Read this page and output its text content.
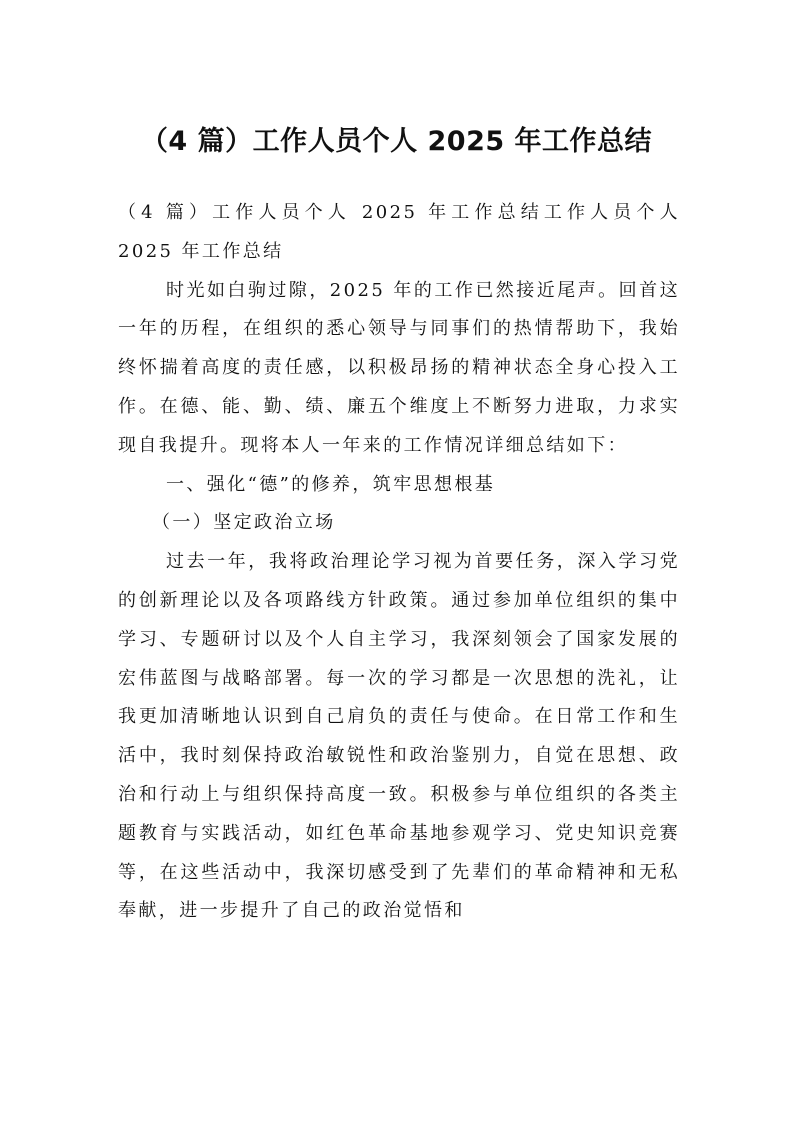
（4 篇）工作人员个人 2025 年工作总结

（4 篇）工作人员个人 2025 年工作总结工作人员个人 2025 年工作总结

时光如白驹过隙，2025 年的工作已然接近尾声。回首这一年的历程，在组织的悉心领导与同事们的热情帮助下，我始终怀揣着高度的责任感，以积极昂扬的精神状态全身心投入工作。在德、能、勤、绩、廉五个维度上不断努力进取，力求实现自我提升。现将本人一年来的工作情况详细总结如下：

一、强化“德”的修养，筑牢思想根基

（一）坚定政治立场

过去一年，我将政治理论学习视为首要任务，深入学习党的创新理论以及各项路线方针政策。通过参加单位组织的集中学习、专题研讨以及个人自主学习，我深刻领会了国家发展的宏伟蓝图与战略部署。每一次的学习都是一次思想的洗礼，让我更加清晰地认识到自己肩负的责任与使命。在日常工作和生活中，我时刻保持政治敏锐性和政治鉴别力，自觉在思想、政治和行动上与组织保持高度一致。积极参与单位组织的各类主题教育与实践活动，如红色革命基地参观学习、党史知识竞赛等，在这些活动中，我深切感受到了先辈们的革命精神和无私奉献，进一步提升了自己的政治觉悟和
